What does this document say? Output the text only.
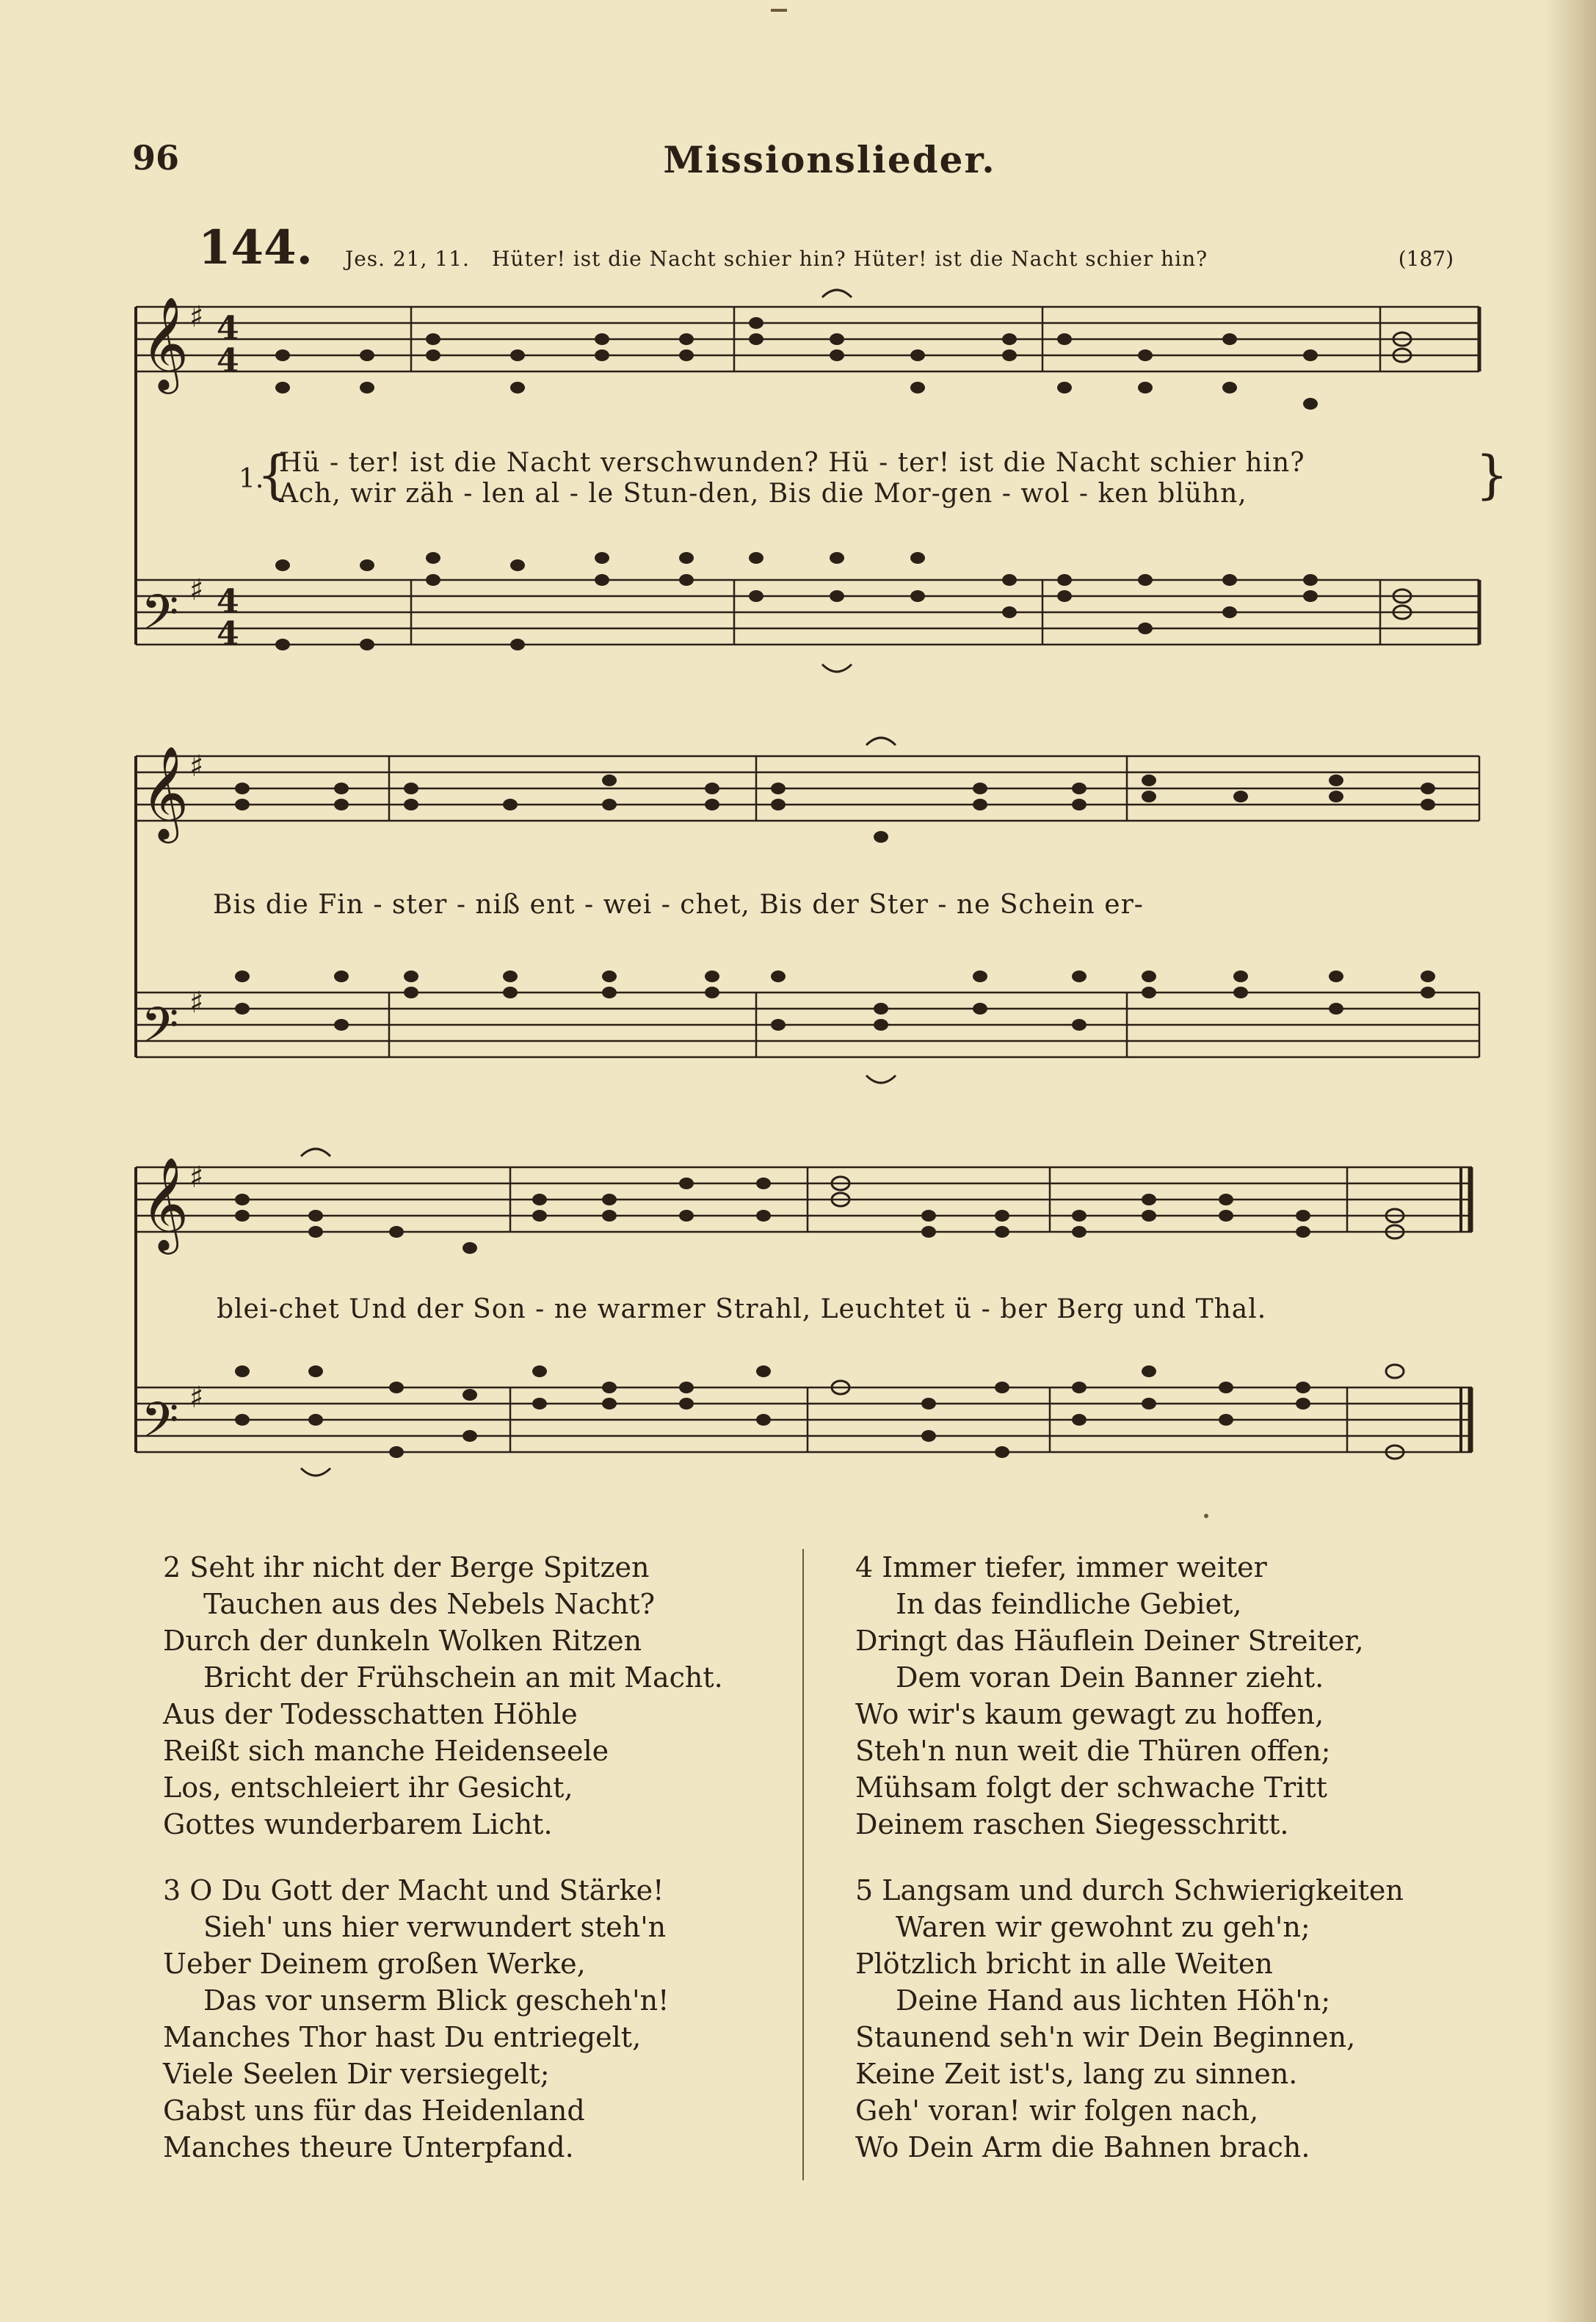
96	Missionslieder.
144. Jes. 21, 11. Hüter! ist die Nacht schier hin? Hüter! ist die Nacht schier hin?	(187)
𝄞
𝄢
𝄞
𝄢
𝄞
𝄢
4
4
4
4
♯
♯
♯
♯
♯
♯
1.
{	}
Hü - ter! ist die Nacht verschwunden? Hü - ter! ist die Nacht schier hin?
Ach, wir zäh - len al - le Stun-den, Bis die Mor-gen - wol - ken blühn,
Bis die Fin - ster - niß ent - wei - chet, Bis der Ster - ne Schein er-
blei-chet Und der Son - ne warmer Strahl, Leuchtet ü - ber Berg und Thal.
2 Seht ihr nicht der Berge Spitzen
Tauchen aus des Nebels Nacht?
Durch der dunkeln Wolken Ritzen
Bricht der Frühschein an mit Macht.
Aus der Todesschatten Höhle
Reißt sich manche Heidenseele
Los, entschleiert ihr Gesicht,
Gottes wunderbarem Licht.
3 O Du Gott der Macht und Stärke!
Sieh' uns hier verwundert steh'n
Ueber Deinem großen Werke,
Das vor unserm Blick gescheh'n!
Manches Thor hast Du entriegelt,
Viele Seelen Dir versiegelt;
Gabst uns für das Heidenland
Manches theure Unterpfand.
4 Immer tiefer, immer weiter
In das feindliche Gebiet,
Dringt das Häuflein Deiner Streiter,
Dem voran Dein Banner zieht.
Wo wir's kaum gewagt zu hoffen,
Steh'n nun weit die Thüren offen;
Mühsam folgt der schwache Tritt
Deinem raschen Siegesschritt.
5 Langsam und durch Schwierigkeiten
Waren wir gewohnt zu geh'n;
Plötzlich bricht in alle Weiten
Deine Hand aus lichten Höh'n;
Staunend seh'n wir Dein Beginnen,
Keine Zeit ist's, lang zu sinnen.
Geh' voran! wir folgen nach,
Wo Dein Arm die Bahnen brach.
